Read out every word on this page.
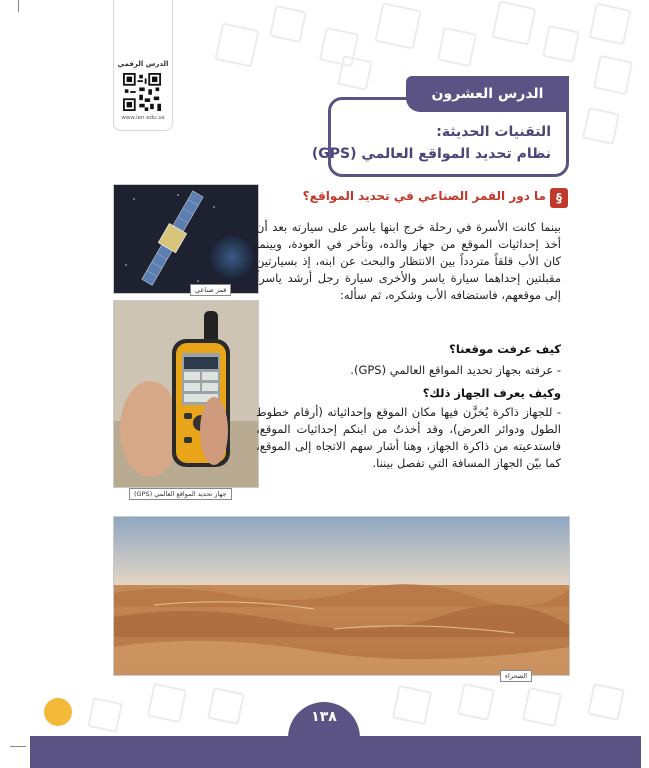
الدرس الرقمي
www.ien.edu.sa
التقنيات الحديثة:
نظام تحديد المواقع العالمي (GPS)
الدرس العشرون
§
ما دور القمر الصناعي في تحديد المواقع؟
قمر صناعي
جهاز تحديد المواقع العالمي (GPS)
بينما كانت الأسرة في رحلة خرج ابنها ياسر على سيارته بعد أن أخذ إحداثيات الموقع من جهاز والده، وتأخر في العودة، وبينما كان الأب قلقاً متردداً بين الانتظار والبحث عن ابنه، إذ بسيارتين مقبلتين إحداهما سيارة ياسر والأخرى سيارة رجل أرشد ياسراً إلى موقعهم، فاستضافه الأب وشكره، ثم سأله:
كيف عرفت موقعنا؟
- عرفته بجهاز تحديد المواقع العالمي (GPS).
وكيف يعرف الجهاز ذلك؟
- للجهاز ذاكرة يُخزَّن فيها مكان الموقع وإحداثياته (أرقام خطوط الطول ودوائر العرض)، وقد أخذتُ من ابنكم إحداثيات الموقع، فاستدعيته من ذاكرة الجهاز، وهنا أشار سهم الاتجاه إلى الموقع، كما بيّن الجهاز المسافة التي تفصل بيننا.
الصحراء
١٣٨
